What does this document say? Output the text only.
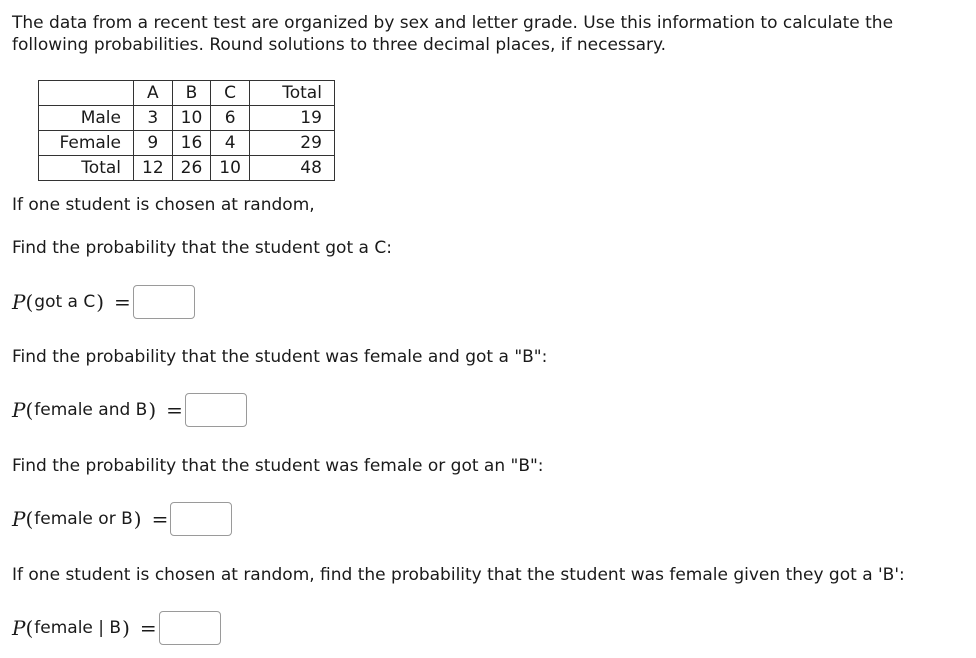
The data from a recent test are organized by sex and letter grade. Use this information to calculate the following probabilities. Round solutions to three decimal places, if necessary.
	A	B	C	Total
Male	3	10	6	19
Female	9	16	4	29
Total	12	26	10	48
If one student is chosen at random,
Find the probability that the student got a C:
P ( got a C ) =
Find the probability that the student was female and got a "B":
P ( female and B ) =
Find the probability that the student was female or got an "B":
P ( female or B ) =
If one student is chosen at random, find the probability that the student was female given they got a 'B':
P ( female | B ) =
